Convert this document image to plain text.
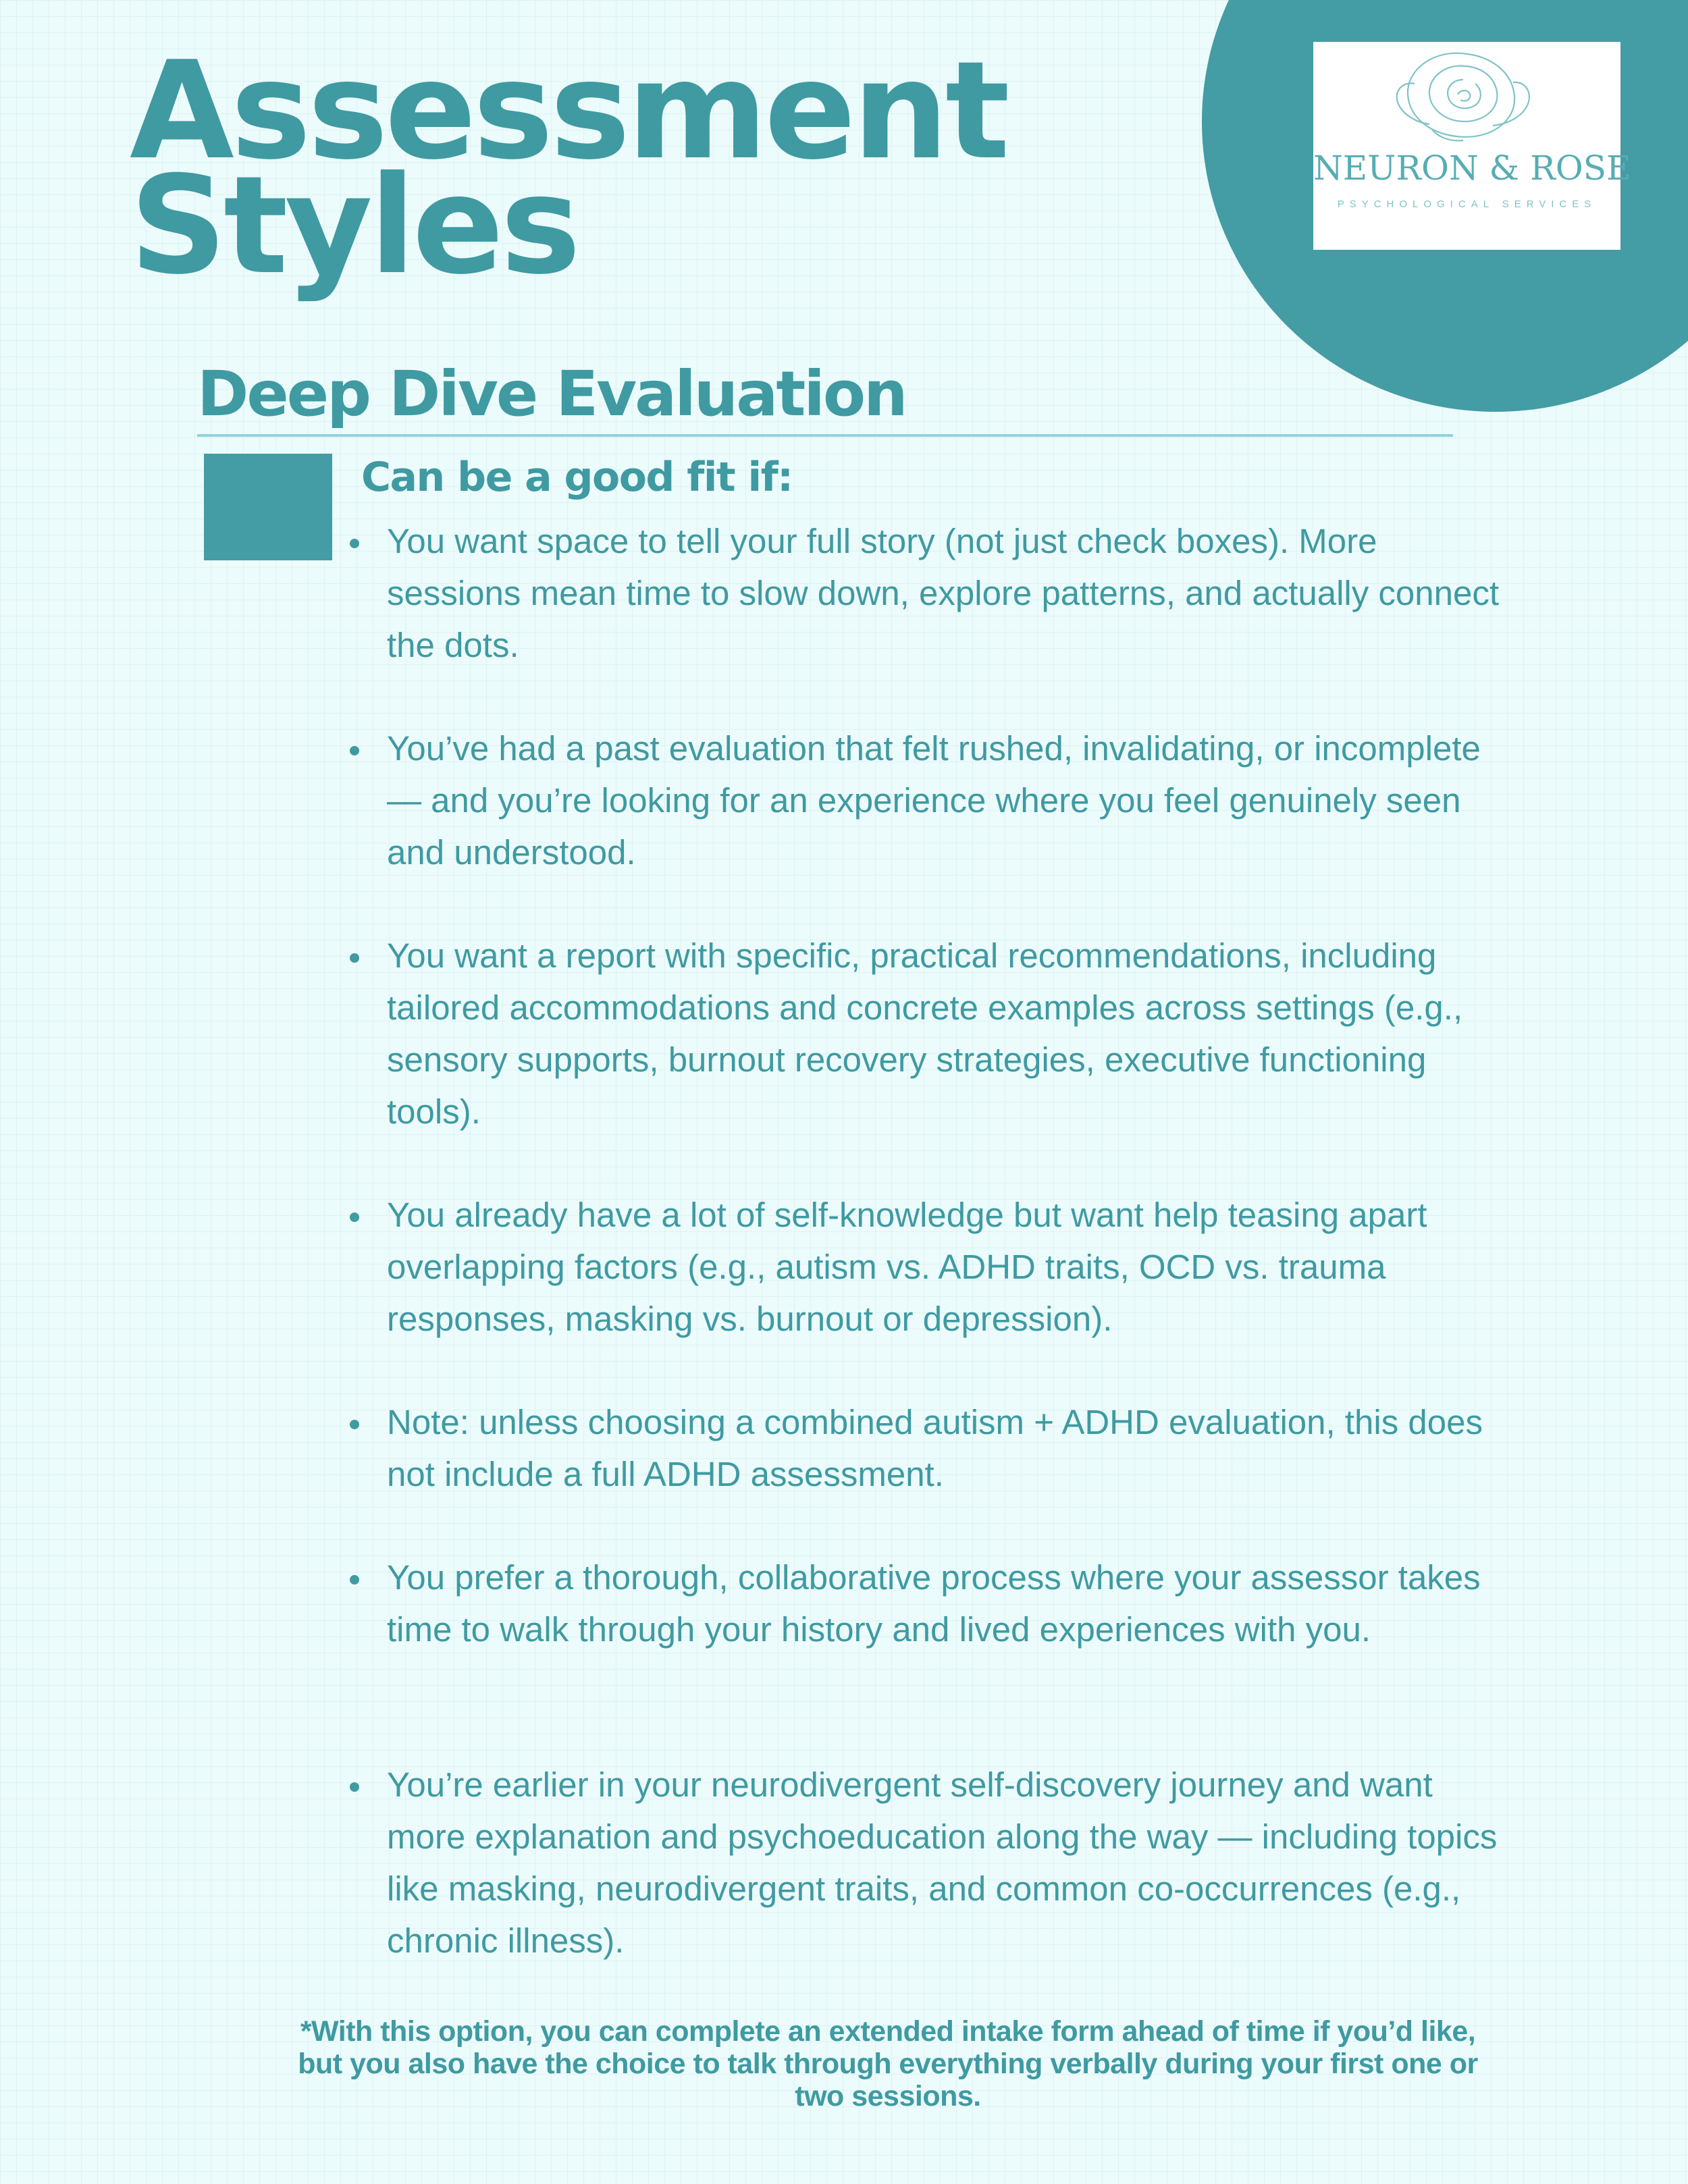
NEURON & ROSE
PSYCHOLOGICAL SERVICES
Assessment
Styles
Deep Dive Evaluation
Can be a good fit if:

You want space to tell your full story (not just check boxes). More sessions mean time to slow down, explore patterns, and actually connect the dots.

You’ve had a past evaluation that felt rushed, invalidating, or incomplete — and you’re looking for an experience where you feel genuinely seen and understood.

You want a report with specific, practical recommendations, including tailored accommodations and concrete examples across settings (e.g., sensory supports, burnout recovery strategies, executive functioning tools).

You already have a lot of self-knowledge but want help teasing apart overlapping factors (e.g., autism vs. ADHD traits, OCD vs. trauma responses, masking vs. burnout or depression).

Note: unless choosing a combined autism + ADHD evaluation, this does not include a full ADHD assessment.

You prefer a thorough, collaborative process where your assessor takes time to walk through your history and lived experiences with you.

You’re earlier in your neurodivergent self-discovery journey and want more explanation and psychoeducation along the way — including topics like masking, neurodivergent traits, and common co-occurrences (e.g., chronic illness).

*With this option, you can complete an extended intake form ahead of time if you’d like, but you also have the choice to talk through everything verbally during your first one or two sessions.
